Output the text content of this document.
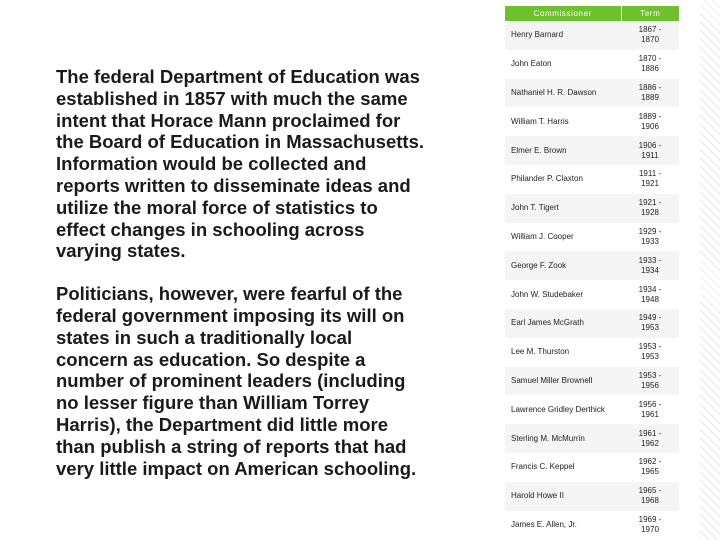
The federal Department of Education was established in 1857 with much the same intent that Horace Mann proclaimed for the Board of Education in Massachusetts. Information would be collected and reports written to disseminate ideas and utilize the moral force of statistics to effect changes in schooling across varying states.

Politicians, however, were fearful of the federal government imposing its will on states in such a traditionally local concern as education. So despite a number of prominent leaders (including no lesser figure than William Torrey Harris), the Department did little more than publish a string of reports that had very little impact on American schooling.

Commissioner	Term
Henry Barnard	1867 -
1870
John Eaton	1870 -
1886
Nathaniel H. R. Dawson	1886 -
1889
William T. Harris	1889 -
1906
Elmer E. Brown	1906 -
1911
Philander P. Claxton	1911 -
1921
John T. Tigert	1921 -
1928
William J. Cooper	1929 -
1933
George F. Zook	1933 -
1934
John W. Studebaker	1934 -
1948
Earl James McGrath	1949 -
1953
Lee M. Thurston	1953 -
1953
Samuel Miller Brownell	1953 -
1956
Lawrence Gridley Derthick	1956 -
1961
Sterling M. McMurrin	1961 -
1962
Francis C. Keppel	1962 -
1965
Harold Howe II	1965 -
1968
James E. Allen, Jr.	1969 -
1970
